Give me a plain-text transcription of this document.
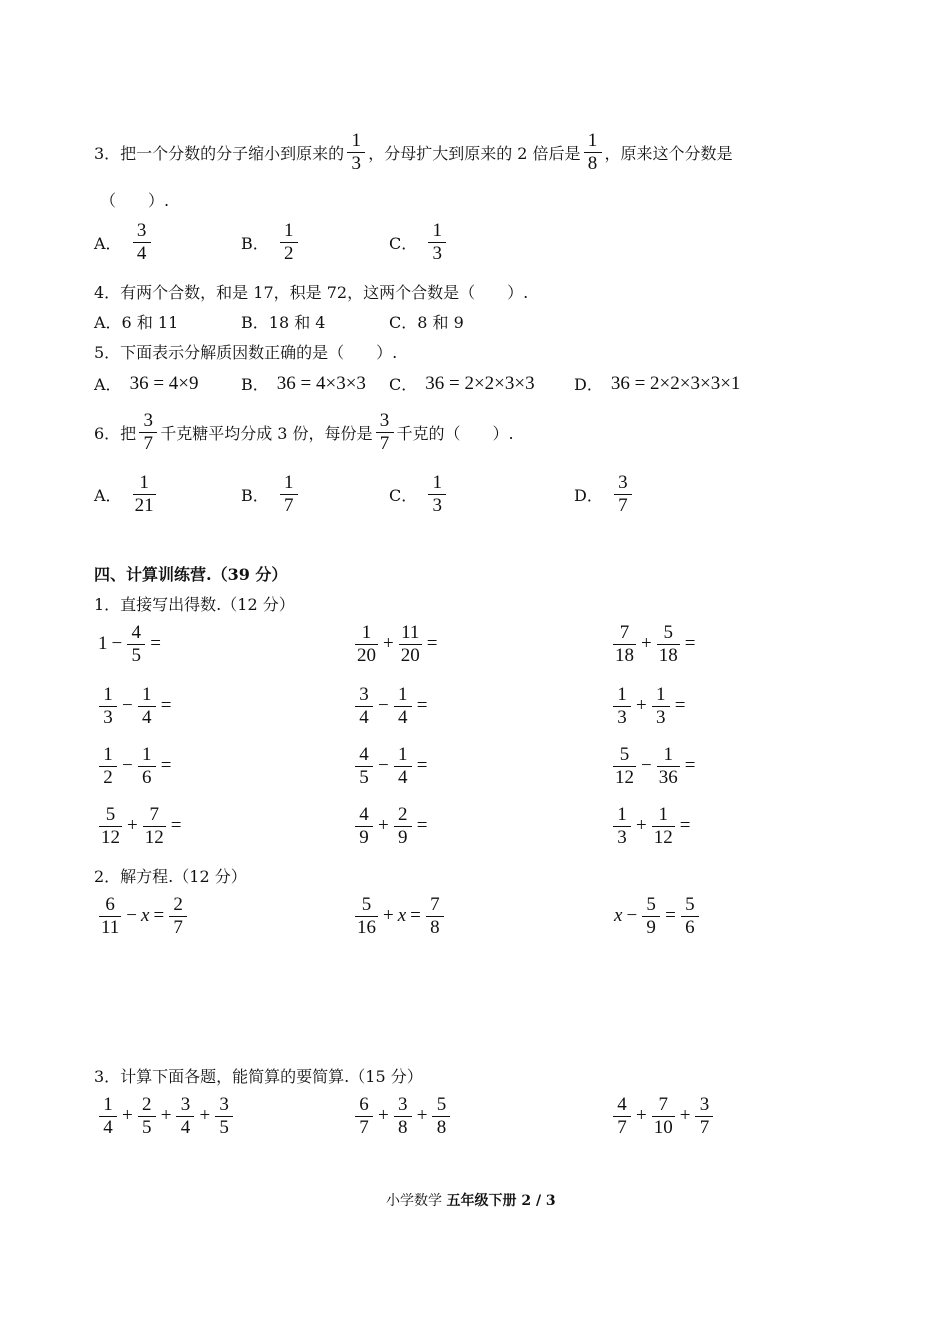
3．把一个分数的分子缩小到原来的 $\frac{1}{3}$ ，分母扩大到原来的 2 倍后是 $\frac{1}{8}$ ，原来这个分数是
（　　）.
A． $\frac{3}{4}$	B． $\frac{1}{2}$	C． $\frac{1}{3}$
4．有两个合数，和是 17，积是 72，这两个合数是（　　）.
A．6 和 11	B．18 和 4	C．8 和 9
5．下面表示分解质因数正确的是（　　）.
A． 36 = 4×9	B． 36 = 4×3×3 C． 36 = 2×2×3×3 D． 36 = 2×2×3×3×1
6．把 $\frac{3}{7}$ 千克糖平均分成 3 份，每份是 $\frac{3}{7}$ 千克的（　　）.
A． $\frac{1}{21}$	B． $\frac{1}{7}$	C． $\frac{1}{3}$	D． $\frac{3}{7}$
四、计算训练营.（39 分）
1．直接写出得数.（12 分）
$1 - \frac{4}{5}$ =	$\frac{1}{20} + \frac{11}{20}$ =	$\frac{7}{18} + \frac{5}{18}$ =
$\frac{1}{3} - \frac{1}{4}$ =	$\frac{3}{4} - \frac{1}{4}$ =	$\frac{1}{3} + \frac{1}{3}$ =
$\frac{1}{2} - \frac{1}{6}$ =	$\frac{4}{5} - \frac{1}{4}$ =	$\frac{5}{12} - \frac{1}{36}$ =
$\frac{5}{12} + \frac{7}{12}$ =	$\frac{4}{9} + \frac{2}{9}$ =	$\frac{1}{3} + \frac{1}{12}$ =
2．解方程.（12 分）
$\frac{6}{11} - x = \frac{2}{7}$	$\frac{5}{16} + x = \frac{7}{8}$	$x - \frac{5}{9} = \frac{5}{6}$
3．计算下面各题，能简算的要简算.（15 分）
$\frac{1}{4} + \frac{2}{5} + \frac{3}{4} + \frac{3}{5}$	$\frac{6}{7} + \frac{3}{8} + \frac{5}{8}$	$\frac{4}{7} + \frac{7}{10} + \frac{3}{7}$
小学数学 五年级下册 2 / 3
